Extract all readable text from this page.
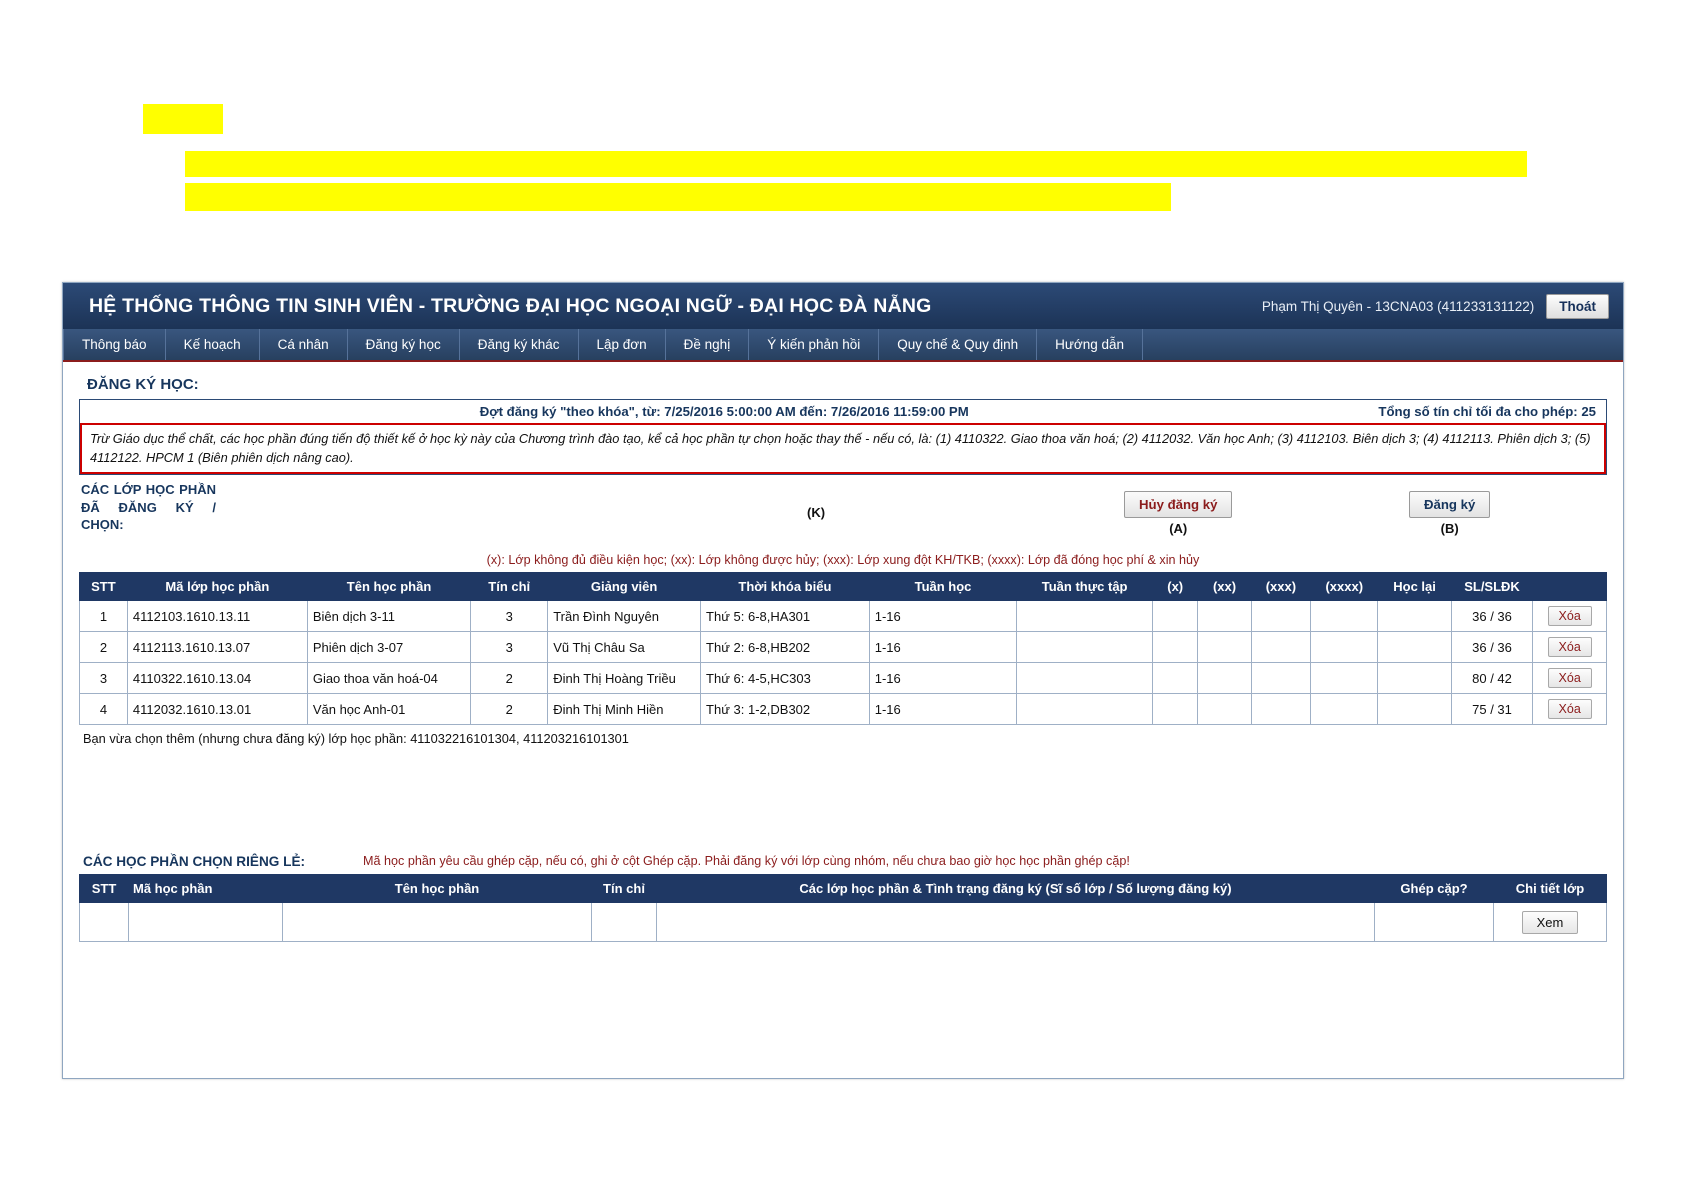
HỆ THỐNG THÔNG TIN SINH VIÊN - TRƯỜNG ĐẠI HỌC NGOẠI NGỮ - ĐẠI HỌC ĐÀ NẴNG	Phạm Thị Quyên - 13CNA03 (411233131122)	Thoát
Thông báo	Kế hoạch	Cá nhân	Đăng ký học	Đăng ký khác	Lập đơn	Đề nghị	Ý kiến phản hồi	Quy chế & Quy định	Hướng dẫn
ĐĂNG KÝ HỌC:
Đợt đăng ký "theo khóa", từ: 7/25/2016 5:00:00 AM đến: 7/26/2016 11:59:00 PM	Tổng số tín chỉ tối đa cho phép: 25
Trừ Giáo dục thể chất, các học phần đúng tiến độ thiết kế ở học kỳ này của Chương trình đào tạo, kể cả học phần tự chọn hoặc thay thế - nếu có, là: (1) 4110322. Giao thoa văn hoá; (2) 4112032. Văn học Anh; (3) 4112103. Biên dịch 3; (4) 4112113. Phiên dịch 3; (5) 4112122. HPCM 1 (Biên phiên dịch nâng cao).
CÁC LỚP HỌC PHẦN ĐÃ ĐĂNG KÝ / CHỌN:
(K)
Hủy đăng ký
(A)
Đăng ký
(B)
(x): Lớp không đủ điều kiện học; (xx): Lớp không được hủy; (xxx): Lớp xung đột KH/TKB; (xxxx): Lớp đã đóng học phí & xin hủy
STT	Mã lớp học phần	Tên học phần	Tín chỉ	Giảng viên	Thời khóa biểu	Tuần học	Tuần thực tập	(x)	(xx)	(xxx)	(xxxx)	Học lại	SL/SLĐK	
1	4112103.1610.13.11	Biên dịch 3-11	3	Trần Đình Nguyên	Thứ 5: 6-8,HA301	1-16							36 / 36	Xóa
2	4112113.1610.13.07	Phiên dịch 3-07	3	Vũ Thị Châu Sa	Thứ 2: 6-8,HB202	1-16							36 / 36	Xóa
3	4110322.1610.13.04	Giao thoa văn hoá-04	2	Đinh Thị Hoàng Triều	Thứ 6: 4-5,HC303	1-16							80 / 42	Xóa
4	4112032.1610.13.01	Văn học Anh-01	2	Đinh Thị Minh Hiền	Thứ 3: 1-2,DB302	1-16							75 / 31	Xóa
Bạn vừa chọn thêm (nhưng chưa đăng ký) lớp học phần: 411032216101304, 411203216101301
CÁC HỌC PHẦN CHỌN RIÊNG LẺ:	Mã học phần yêu cầu ghép cặp, nếu có, ghi ở cột Ghép cặp. Phải đăng ký với lớp cùng nhóm, nếu chưa bao giờ học học phần ghép cặp!
STT	Mã học phần	Tên học phần	Tín chỉ	Các lớp học phần & Tình trạng đăng ký (Sĩ số lớp / Số lượng đăng ký)	Ghép cặp?	Chi tiết lớp
						Xem
